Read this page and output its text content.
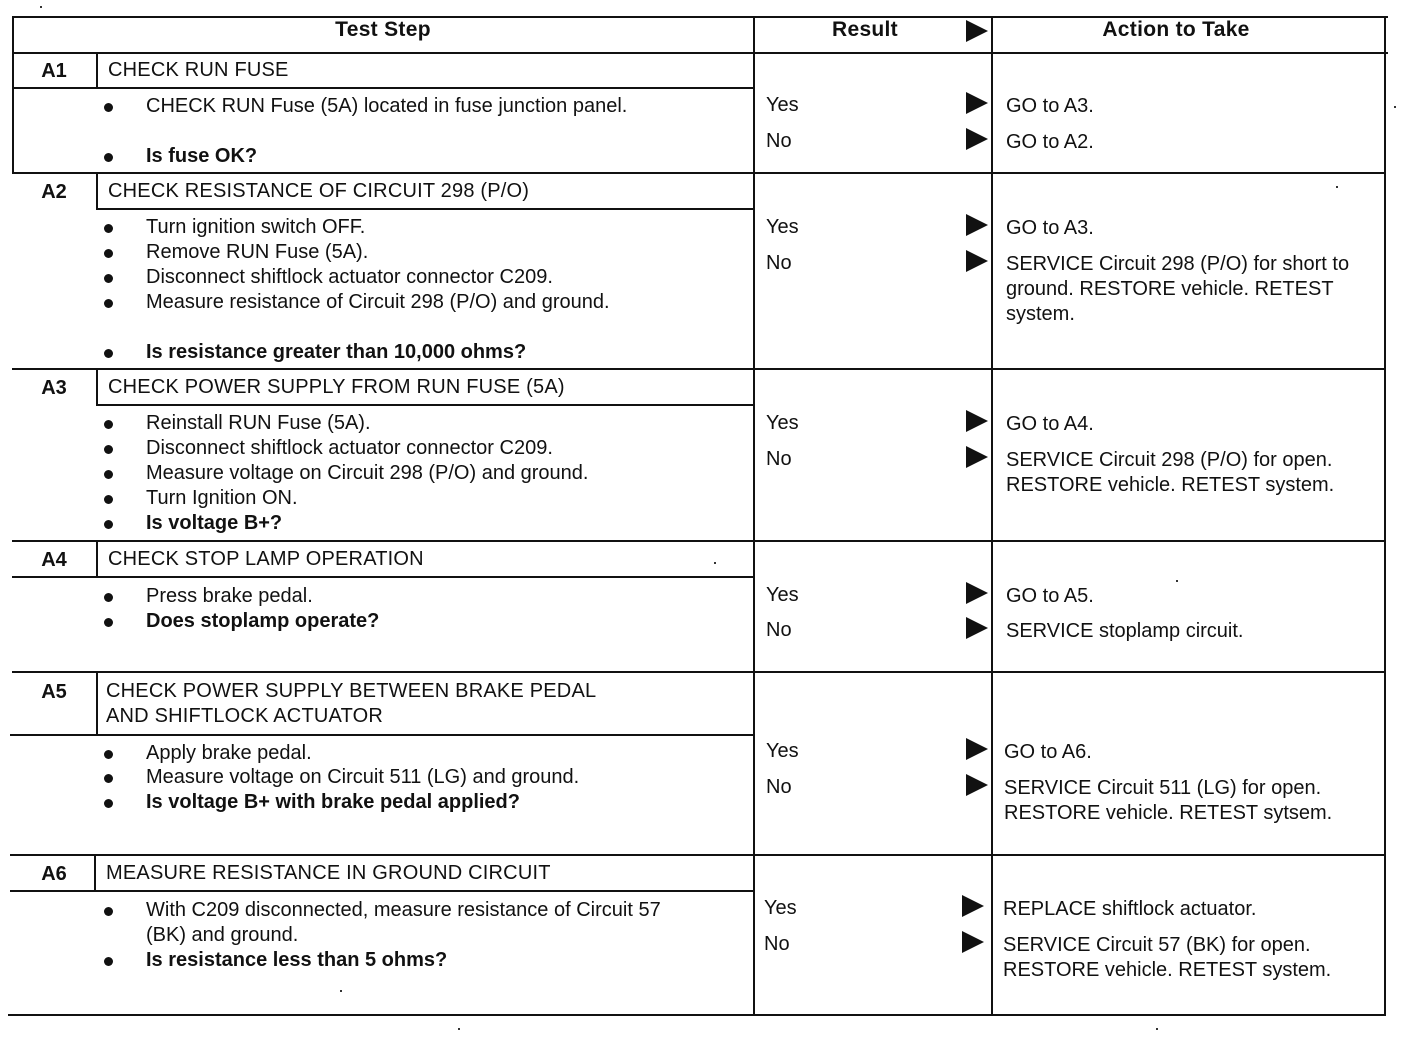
Test Step	Result	Action to Take
A1	CHECK RUN FUSE
CHECK RUN Fuse (5A) located in fuse junction panel.
Is fuse OK?
Yes	GO to A3.
No	GO to A2.
A2	CHECK RESISTANCE OF CIRCUIT 298 (P/O)
Turn ignition switch OFF.
Remove RUN Fuse (5A).
Disconnect shiftlock actuator connector C209.
Measure resistance of Circuit 298 (P/O) and ground.
Is resistance greater than 10,000 ohms?
Yes	GO to A3.
No	SERVICE Circuit 298 (P/O) for short to ground. RESTORE vehicle. RETEST system.
A3	CHECK POWER SUPPLY FROM RUN FUSE (5A)
Reinstall RUN Fuse (5A).
Disconnect shiftlock actuator connector C209.
Measure voltage on Circuit 298 (P/O) and ground.
Turn Ignition ON.
Is voltage B+?
Yes	GO to A4.
No	SERVICE Circuit 298 (P/O) for open. RESTORE vehicle. RETEST system.
A4	CHECK STOP LAMP OPERATION
Press brake pedal.
Does stoplamp operate?
Yes	GO to A5.
No	SERVICE stoplamp circuit.
A5	CHECK POWER SUPPLY BETWEEN BRAKE PEDAL
AND SHIFTLOCK ACTUATOR
Apply brake pedal.
Measure voltage on Circuit 511 (LG) and ground.
Is voltage B+ with brake pedal applied?
Yes	GO to A6.
No	SERVICE Circuit 511 (LG) for open. RESTORE vehicle. RETEST sytsem.
A6	MEASURE RESISTANCE IN GROUND CIRCUIT
With C209 disconnected, measure resistance of Circuit 57 (BK) and ground.
Is resistance less than 5 ohms?
Yes	REPLACE shiftlock actuator.
No	SERVICE Circuit 57 (BK) for open. RESTORE vehicle. RETEST system.
